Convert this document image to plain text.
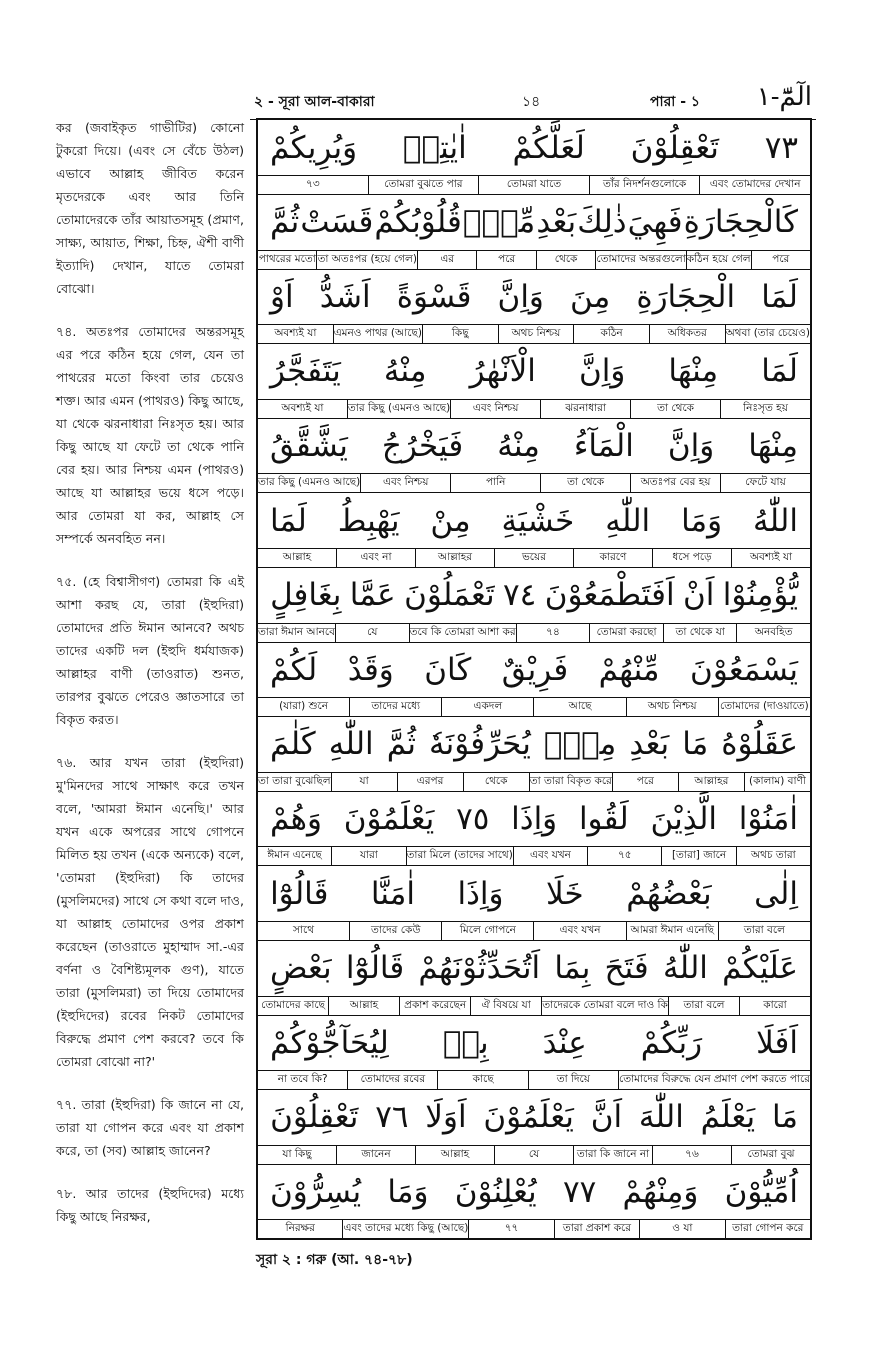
২ - সূরা আল-বাকারা	১৪	পারা - ১ الٓمّٓ-١

কর (জবাইকৃত গাভীটির) কোনো টুকরো দিয়ে। (এবং সে বেঁচে উঠল) এভাবে আল্লাহ জীবিত করেন মৃতদেরকে এবং আর তিনি তোমাদেরকে তাঁর আয়াতসমূহ (প্রমাণ, সাক্ষ্য, আয়াত, শিক্ষা, চিহ্ন, ঐশী বাণী ইত্যাদি) দেখান, যাতে তোমরা বোঝো।

৭৪. অতঃপর তোমাদের অন্তরসমূহ এর পরে কঠিন হয়ে গেল, যেন তা পাথরের মতো কিংবা তার চেয়েও শক্ত। আর এমন (পাথরও) কিছু আছে, যা থেকে ঝরনাধারা নিঃসৃত হয়। আর কিছু আছে যা ফেটে তা থেকে পানি বের হয়। আর নিশ্চয় এমন (পাথরও) আছে যা আল্লাহর ভয়ে ধসে পড়ে। আর তোমরা যা কর, আল্লাহ সে সম্পর্কে অনবহিত নন।

৭৫. (হে বিশ্বাসীগণ) তোমরা কি এই আশা করছ যে, তারা (ইহুদিরা) তোমাদের প্রতি ঈমান আনবে? অথচ তাদের একটি দল (ইহুদি ধর্মযাজক) আল্লাহর বাণী (তাওরাত) শুনত, তারপর বুঝতে পেরেও জ্ঞাতসারে তা বিকৃত করত।

৭৬. আর যখন তারা (ইহুদিরা) মু'মিনদের সাথে সাক্ষাৎ করে তখন বলে, 'আমরা ঈমান এনেছি।' আর যখন একে অপরের সাথে গোপনে মিলিত হয় তখন (একে অন্যকে) বলে, 'তোমরা (ইহুদিরা) কি তাদের (মুসলিমদের) সাথে সে কথা বলে দাও, যা আল্লাহ তোমাদের ওপর প্রকাশ করেছেন (তাওরাতে মুহাম্মাদ সা.-এর বর্ণনা ও বৈশিষ্ট্যমূলক গুণ), যাতে তারা (মুসলিমরা) তা দিয়ে তোমাদের (ইহুদিদের) রবের নিকট তোমাদের বিরুদ্ধে প্রমাণ পেশ করবে? তবে কি তোমরা বোঝো না?'

৭৭. তারা (ইহুদিরা) কি জানে না যে, তারা যা গোপন করে এবং যা প্রকাশ করে, তা (সব) আল্লাহ জানেন?

৭৮. আর তাদের (ইহুদিদের) মধ্যে কিছু আছে নিরক্ষর,

وَيُرِيكُمْ اٰيٰتِهٖ لَعَلَّكُمْ تَعْقِلُوْنَ ٧٣
এবং তোমাদের দেখান
তাঁর নিদর্শনগুলোকে
তোমরা যাতে
তোমরা বুঝতে পার
৭৩
ثُمَّ قَسَتْ قُلُوْبُكُمْ مِّنْۢ بَعْدِ ذٰلِكَ فَهِيَ كَالْحِجَارَةِ
পরে
কঠিন হয়ে গেল
তোমাদের অন্তরগুলো
থেকে
পরে
এর
তা অতঃপর (হয়ে গেল)
পাথরের মতো
اَوْ اَشَدُّ قَسْوَةً وَاِنَّ مِنَ الْحِجَارَةِ لَمَا
অথবা (তার চেয়েও)
অধিকতর
কঠিন
অথচ নিশ্চয়
কিছু
এমনও পাথর (আছে)
অবশ্যই যা
يَتَفَجَّرُ مِنْهُ الْاَنْهٰرُ وَاِنَّ مِنْهَا لَمَا
নিঃসৃত হয়
তা থেকে
ঝরনাধারা
এবং নিশ্চয়
তার কিছু (এমনও আছে)
অবশ্যই যা
يَشَّقَّقُ فَيَخْرُجُ مِنْهُ الْمَآءُ وَاِنَّ مِنْهَا
ফেটে যায়
অতঃপর বের হয়
তা থেকে
পানি
এবং নিশ্চয়
তার কিছু (এমনও আছে)
لَمَا يَهْبِطُ مِنْ خَشْيَةِ اللّٰهِ وَمَا اللّٰهُ
অবশ্যই যা
ধসে পড়ে
কারণে
ভয়ের
আল্লাহর
এবং না
আল্লাহ
بِغَافِلٍ عَمَّا تَعْمَلُوْنَ ٧٤ اَفَتَطْمَعُوْنَ اَنْ يُّؤْمِنُوْا
অনবহিত
তা থেকে যা
তোমরা করছো
৭৪
তবে কি তোমরা আশা কর
যে
তারা ঈমান আনবে
لَكُمْ وَقَدْ كَانَ فَرِيْقٌ مِّنْهُمْ يَسْمَعُوْنَ
তোমাদের (দাওয়াতে)
অথচ নিশ্চয়
আছে
একদল
তাদের মধ্যে
(যারা) শুনে
كَلٰمَ اللّٰهِ ثُمَّ يُحَرِّفُوْنَهٗ مِنْۢ بَعْدِ مَا عَقَلُوْهُ
(কালাম) বাণী
আল্লাহর
পরে
তা তারা বিকৃত করে
থেকে
এরপর
যা
তা তারা বুঝেছিল
وَهُمْ يَعْلَمُوْنَ ٧٥ وَاِذَا لَقُوا الَّذِيْنَ اٰمَنُوْا
অথচ তারা
[তারা] জানে
৭৫
এবং যখন
তারা মিলে (তাদের সাথে)
যারা
ঈমান এনেছে
قَالُوْٓا اٰمَنَّا وَاِذَا خَلَا بَعْضُهُمْ اِلٰى
তারা বলে
আমরা ঈমান এনেছি
এবং যখন
মিলে গোপনে
তাদের কেউ
সাথে
بَعْضٍ قَالُوْٓا اَتُحَدِّثُوْنَهُمْ بِمَا فَتَحَ اللّٰهُ عَلَيْكُمْ
কারো
তারা বলে
তাদেরকে তোমরা বলে দাও কি
ঐ বিষয়ে যা
প্রকাশ করেছেন
আল্লাহ
তোমাদের কাছে
لِيُحَآجُّوْكُمْ بِهٖ عِنْدَ رَبِّكُمْ اَفَلَا
তোমাদের বিরুদ্ধে যেন প্রমাণ পেশ করতে পারে
তা দিয়ে
কাছে
তোমাদের রবের
না তবে কি?
تَعْقِلُوْنَ ٧٦ اَوَلَا يَعْلَمُوْنَ اَنَّ اللّٰهَ يَعْلَمُ مَا
তোমরা বুঝ
৭৬
তারা কি জানে না
যে
আল্লাহ
জানেন
যা কিছু
يُسِرُّوْنَ وَمَا يُعْلِنُوْنَ ٧٧ وَمِنْهُمْ اُمِّيُّوْنَ
তারা গোপন করে
ও যা
তারা প্রকাশ করে
৭৭
এবং তাদের মধ্যে কিছু (আছে)
নিরক্ষর
সূরা ২ : গরু (আ. ৭৪-৭৮)
